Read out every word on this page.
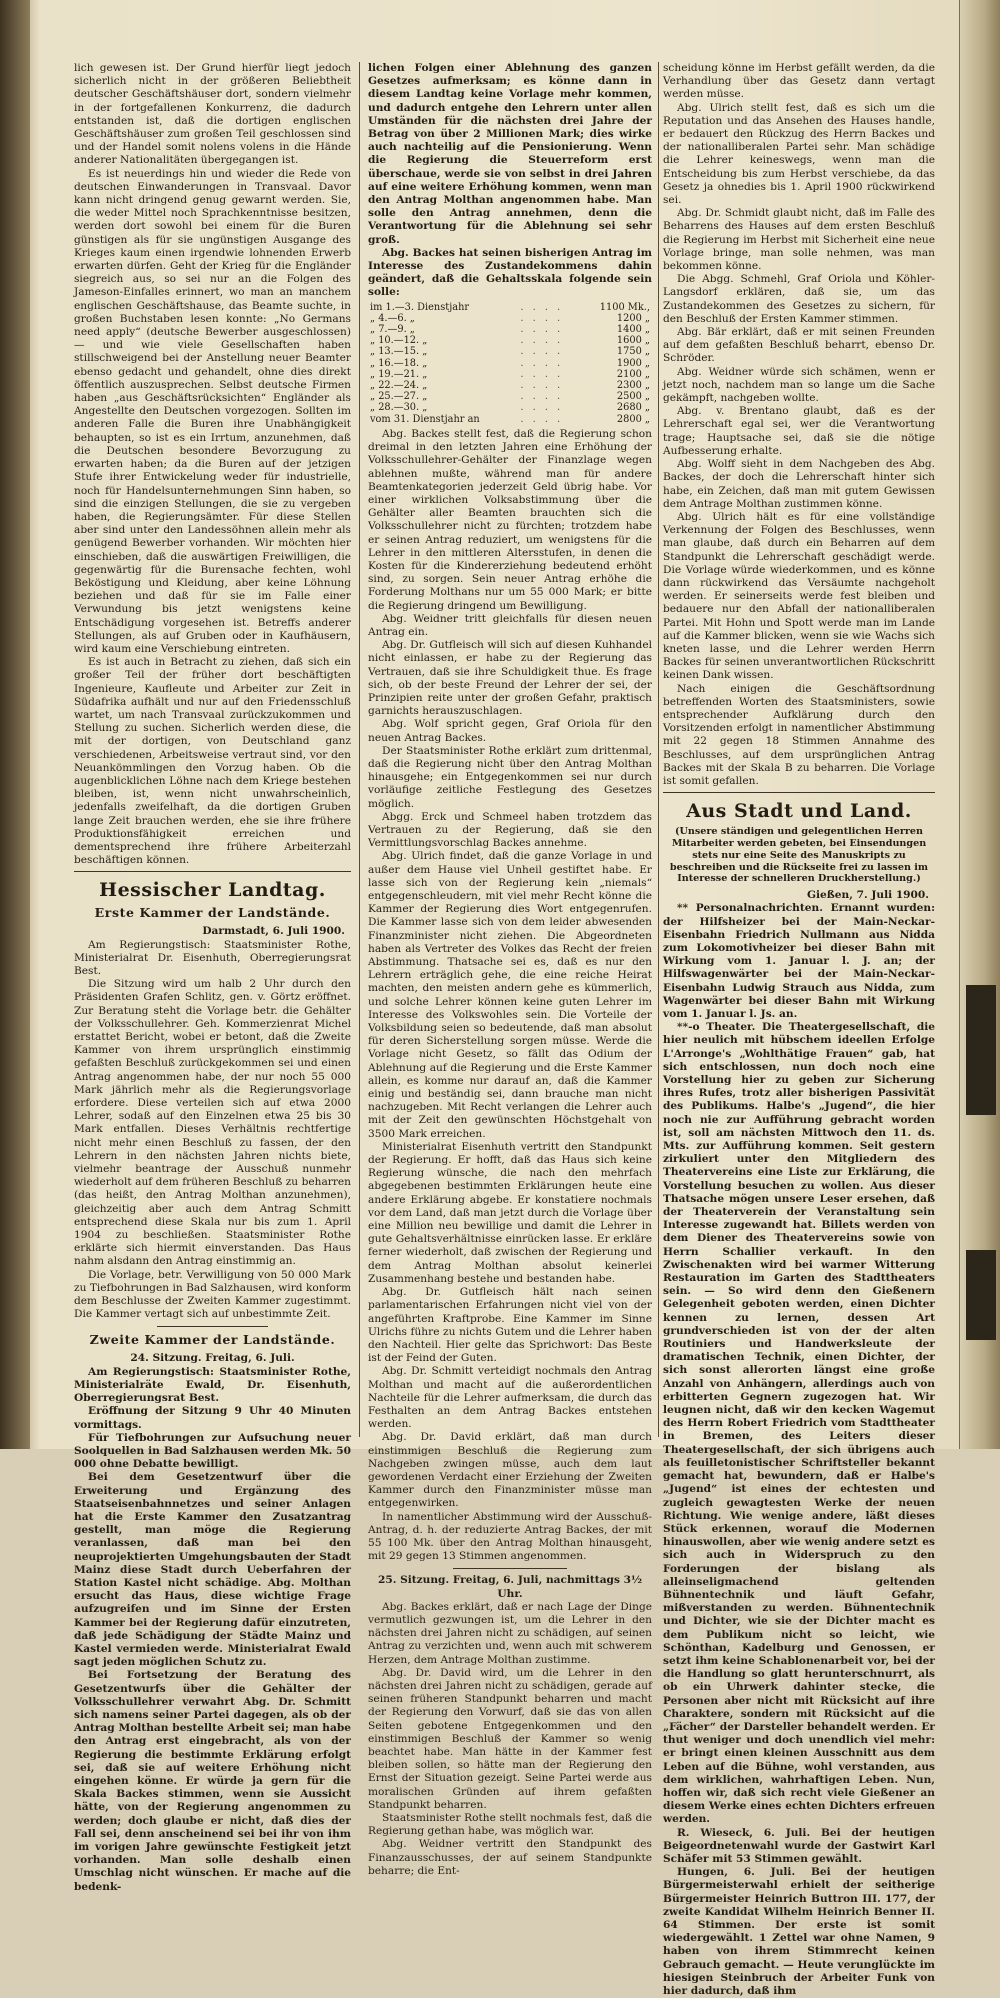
lich gewesen ist. Der Grund hierfür liegt jedoch sicherlich nicht in der größeren Beliebtheit deutscher Geschäftshäuser dort, sondern vielmehr in der fortgefallenen Konkurrenz, die dadurch entstanden ist, daß die dortigen englischen Geschäftshäuser zum großen Teil geschlossen sind und der Handel somit nolens volens in die Hände anderer Nationalitäten übergegangen ist.

Es ist neuerdings hin und wieder die Rede von deutschen Einwanderungen in Transvaal. Davor kann nicht dringend genug gewarnt werden. Sie, die weder Mittel noch Sprachkenntnisse besitzen, werden dort sowohl bei einem für die Buren günstigen als für sie ungünstigen Ausgange des Krieges kaum einen irgendwie lohnenden Erwerb erwarten dürfen. Geht der Krieg für die Engländer siegreich aus, so sei nur an die Folgen des Jameson-Einfalles erinnert, wo man an manchem englischen Geschäftshause, das Beamte suchte, in großen Buchstaben lesen konnte: „No Germans need apply“ (deutsche Bewerber ausgeschlossen) — und wie viele Gesellschaften haben stillschweigend bei der Anstellung neuer Beamter ebenso gedacht und gehandelt, ohne dies direkt öffentlich auszusprechen. Selbst deutsche Firmen haben „aus Geschäftsrücksichten“ Engländer als Angestellte den Deutschen vorgezogen. Sollten im anderen Falle die Buren ihre Unabhängigkeit behaupten, so ist es ein Irrtum, anzunehmen, daß die Deutschen besondere Bevorzugung zu erwarten haben; da die Buren auf der jetzigen Stufe ihrer Entwickelung weder für industrielle, noch für Handelsunternehmungen Sinn haben, so sind die einzigen Stellungen, die sie zu vergeben haben, die Regierungsämter. Für diese Stellen aber sind unter den Landessöhnen allein mehr als genügend Bewerber vorhanden. Wir möchten hier einschieben, daß die auswärtigen Freiwilligen, die gegenwärtig für die Burensache fechten, wohl Beköstigung und Kleidung, aber keine Löhnung beziehen und daß für sie im Falle einer Verwundung bis jetzt wenigstens keine Entschädigung vorgesehen ist. Betreffs anderer Stellungen, als auf Gruben oder in Kaufhäusern, wird kaum eine Verschiebung eintreten.

Es ist auch in Betracht zu ziehen, daß sich ein großer Teil der früher dort beschäftigten Ingenieure, Kaufleute und Arbeiter zur Zeit in Südafrika aufhält und nur auf den Friedensschluß wartet, um nach Transvaal zurückzukommen und Stellung zu suchen. Sicherlich werden diese, die mit der dortigen, von Deutschland ganz verschiedenen, Arbeitsweise vertraut sind, vor den Neuankömmlingen den Vorzug haben. Ob die augenblicklichen Löhne nach dem Kriege bestehen bleiben, ist, wenn nicht unwahrscheinlich, jedenfalls zweifelhaft, da die dortigen Gruben lange Zeit brauchen werden, ehe sie ihre frühere Produktionsfähigkeit erreichen und dementsprechend ihre frühere Arbeiterzahl beschäftigen können.

Hessischer Landtag.
Erste Kammer der Landstände.

Darmstadt, 6. Juli 1900.

Am Regierungstisch: Staatsminister Rothe, Ministerialrat Dr. Eisenhuth, Oberregierungsrat Best.

Die Sitzung wird um halb 2 Uhr durch den Präsidenten Grafen Schlitz, gen. v. Görtz eröffnet. Zur Beratung steht die Vorlage betr. die Gehälter der Volksschullehrer. Geh. Kommerzienrat Michel erstattet Bericht, wobei er betont, daß die Zweite Kammer von ihrem ursprünglich einstimmig gefaßten Beschluß zurückgekommen sei und einen Antrag angenommen habe, der nur noch 55 000 Mark jährlich mehr als die Regierungsvorlage erfordere. Diese verteilen sich auf etwa 2000 Lehrer, sodaß auf den Einzelnen etwa 25 bis 30 Mark entfallen. Dieses Verhältnis rechtfertige nicht mehr einen Beschluß zu fassen, der den Lehrern in den nächsten Jahren nichts biete, vielmehr beantrage der Ausschuß nunmehr wiederholt auf dem früheren Beschluß zu beharren (das heißt, den Antrag Molthan anzunehmen), gleichzeitig aber auch dem Antrag Schmitt entsprechend diese Skala nur bis zum 1. April 1904 zu beschließen. Staatsminister Rothe erklärte sich hiermit einverstanden. Das Haus nahm alsdann den Antrag einstimmig an.

Die Vorlage, betr. Verwilligung von 50 000 Mark zu Tiefbohrungen in Bad Salzhausen, wird konform dem Beschlusse der Zweiten Kammer zugestimmt. Die Kammer vertagt sich auf unbestimmte Zeit.

Zweite Kammer der Landstände.

24. Sitzung. Freitag, 6. Juli.

Am Regierungstisch: Staatsminister Rothe, Ministerialräte Ewald, Dr. Eisenhuth, Oberregierungsrat Best.

Eröffnung der Sitzung 9 Uhr 40 Minuten vormittags.

Für Tiefbohrungen zur Aufsuchung neuer Soolquellen in Bad Salzhausen werden Mk. 50 000 ohne Debatte bewilligt.

Bei dem Gesetzentwurf über die Erweiterung und Ergänzung des Staatseisenbahnnetzes und seiner Anlagen hat die Erste Kammer den Zusatzantrag gestellt, man möge die Regierung veranlassen, daß man bei den neuprojektierten Umgehungsbauten der Stadt Mainz diese Stadt durch Ueberfahren der Station Kastel nicht schädige. Abg. Molthan ersucht das Haus, diese wichtige Frage aufzugreifen und im Sinne der Ersten Kammer bei der Regierung dafür einzutreten, daß jede Schädigung der Städte Mainz und Kastel vermieden werde. Ministerialrat Ewald sagt jeden möglichen Schutz zu.

Bei Fortsetzung der Beratung des Gesetzentwurfs über die Gehälter der Volksschullehrer verwahrt Abg. Dr. Schmitt sich namens seiner Partei dagegen, als ob der Antrag Molthan bestellte Arbeit sei; man habe den Antrag erst eingebracht, als von der Regierung die bestimmte Erklärung erfolgt sei, daß sie auf weitere Erhöhung nicht eingehen könne. Er würde ja gern für die Skala Backes stimmen, wenn sie Aussicht hätte, von der Regierung angenommen zu werden; doch glaube er nicht, daß dies der Fall sei, denn anscheinend sei bei ihr von ihm im vorigen Jahre gewünschte Festigkeit jetzt vorhanden. Man solle deshalb einen Umschlag nicht wünschen. Er mache auf die bedenk-

lichen Folgen einer Ablehnung des ganzen Gesetzes aufmerksam; es könne dann in diesem Landtag keine Vorlage mehr kommen, und dadurch entgehe den Lehrern unter allen Umständen für die nächsten drei Jahre der Betrag von über 2 Millionen Mark; dies wirke auch nachteilig auf die Pensionierung. Wenn die Regierung die Steuerreform erst überschaue, werde sie von selbst in drei Jahren auf eine weitere Erhöhung kommen, wenn man den Antrag Molthan angenommen habe. Man solle den Antrag annehmen, denn die Verantwortung für die Ablehnung sei sehr groß.

Abg. Backes hat seinen bisherigen Antrag im Interesse des Zustandekommens dahin geändert, daß die Gehaltsskala folgende sein solle:

im 1.—3. Dienstjahr	. . . .	1100 Mk.,
„ 4.—6. „	. . . .	1200 „
„ 7.—9. „	. . . .	1400 „
„ 10.—12. „	. . . .	1600 „
„ 13.—15. „	. . . .	1750 „
„ 16.—18. „	. . . .	1900 „
„ 19.—21. „	. . . .	2100 „
„ 22.—24. „	. . . .	2300 „
„ 25.—27. „	. . . .	2500 „
„ 28.—30. „	. . . .	2680 „
vom 31. Dienstjahr an	. . . .	2800 „

Abg. Backes stellt fest, daß die Regierung schon dreimal in den letzten Jahren eine Erhöhung der Volksschullehrer-Gehälter der Finanzlage wegen ablehnen mußte, während man für andere Beamtenkategorien jederzeit Geld übrig habe. Vor einer wirklichen Volksabstimmung über die Gehälter aller Beamten brauchten sich die Volksschullehrer nicht zu fürchten; trotzdem habe er seinen Antrag reduziert, um wenigstens für die Lehrer in den mittleren Altersstufen, in denen die Kosten für die Kindererziehung bedeutend erhöht sind, zu sorgen. Sein neuer Antrag erhöhe die Forderung Molthans nur um 55 000 Mark; er bitte die Regierung dringend um Bewilligung.

Abg. Weidner tritt gleichfalls für diesen neuen Antrag ein.

Abg. Dr. Gutfleisch will sich auf diesen Kuhhandel nicht einlassen, er habe zu der Regierung das Vertrauen, daß sie ihre Schuldigkeit thue. Es frage sich, ob der beste Freund der Lehrer der sei, der Prinzipien reite unter der großen Gefahr, praktisch garnichts herauszuschlagen.

Abg. Wolf spricht gegen, Graf Oriola für den neuen Antrag Backes.

Der Staatsminister Rothe erklärt zum drittenmal, daß die Regierung nicht über den Antrag Molthan hinausgehe; ein Entgegenkommen sei nur durch vorläufige zeitliche Festlegung des Gesetzes möglich.

Abgg. Erck und Schmeel haben trotzdem das Vertrauen zu der Regierung, daß sie den Vermittlungsvorschlag Backes annehme.

Abg. Ulrich findet, daß die ganze Vorlage in und außer dem Hause viel Unheil gestiftet habe. Er lasse sich von der Regierung kein „niemals“ entgegenschleudern, mit viel mehr Recht könne die Kammer der Regierung dies Wort entgegenrufen. Die Kammer lasse sich von dem leider abwesenden Finanzminister nicht ziehen. Die Abgeordneten haben als Vertreter des Volkes das Recht der freien Abstimmung. Thatsache sei es, daß es nur den Lehrern erträglich gehe, die eine reiche Heirat machten, den meisten andern gehe es kümmerlich, und solche Lehrer können keine guten Lehrer im Interesse des Volkswohles sein. Die Vorteile der Volksbildung seien so bedeutende, daß man absolut für deren Sicherstellung sorgen müsse. Werde die Vorlage nicht Gesetz, so fällt das Odium der Ablehnung auf die Regierung und die Erste Kammer allein, es komme nur darauf an, daß die Kammer einig und beständig sei, dann brauche man nicht nachzugeben. Mit Recht verlangen die Lehrer auch mit der Zeit den gewünschten Höchstgehalt von 3500 Mark erreichen.

Ministerialrat Eisenhuth vertritt den Standpunkt der Regierung. Er hofft, daß das Haus sich keine Regierung wünsche, die nach den mehrfach abgegebenen bestimmten Erklärungen heute eine andere Erklärung abgebe. Er konstatiere nochmals vor dem Land, daß man jetzt durch die Vorlage über eine Million neu bewillige und damit die Lehrer in gute Gehaltsverhältnisse einrücken lasse. Er erkläre ferner wiederholt, daß zwischen der Regierung und dem Antrag Molthan absolut keinerlei Zusammenhang bestehe und bestanden habe.

Abg. Dr. Gutfleisch hält nach seinen parlamentarischen Erfahrungen nicht viel von der angeführten Kraftprobe. Eine Kammer im Sinne Ulrichs führe zu nichts Gutem und die Lehrer haben den Nachteil. Hier gelte das Sprichwort: Das Beste ist der Feind der Guten.

Abg. Dr. Schmitt verteidigt nochmals den Antrag Molthan und macht auf die außerordentlichen Nachteile für die Lehrer aufmerksam, die durch das Festhalten an dem Antrag Backes entstehen werden.

Abg. Dr. David erklärt, daß man durch einstimmigen Beschluß die Regierung zum Nachgeben zwingen müsse, auch dem laut gewordenen Verdacht einer Erziehung der Zweiten Kammer durch den Finanzminister müsse man entgegenwirken.

In namentlicher Abstimmung wird der Ausschuß-Antrag, d. h. der reduzierte Antrag Backes, der mit 55 100 Mk. über den Antrag Molthan hinausgeht, mit 29 gegen 13 Stimmen angenommen.

25. Sitzung. Freitag, 6. Juli, nachmittags 3½ Uhr.

Abg. Backes erklärt, daß er nach Lage der Dinge vermutlich gezwungen ist, um die Lehrer in den nächsten drei Jahren nicht zu schädigen, auf seinen Antrag zu verzichten und, wenn auch mit schwerem Herzen, dem Antrage Molthan zustimme.

Abg. Dr. David wird, um die Lehrer in den nächsten drei Jahren nicht zu schädigen, gerade auf seinen früheren Standpunkt beharren und macht der Regierung den Vorwurf, daß sie das von allen Seiten gebotene Entgegenkommen und den einstimmigen Beschluß der Kammer so wenig beachtet habe. Man hätte in der Kammer fest bleiben sollen, so hätte man der Regierung den Ernst der Situation gezeigt. Seine Partei werde aus moralischen Gründen auf ihrem gefaßten Standpunkt beharren.

Staatsminister Rothe stellt nochmals fest, daß die Regierung gethan habe, was möglich war.

Abg. Weidner vertritt den Standpunkt des Finanzausschusses, der auf seinem Standpunkte beharre; die Ent-

scheidung könne im Herbst gefällt werden, da die Verhandlung über das Gesetz dann vertagt werden müsse.

Abg. Ulrich stellt fest, daß es sich um die Reputation und das Ansehen des Hauses handle, er bedauert den Rückzug des Herrn Backes und der nationalliberalen Partei sehr. Man schädige die Lehrer keineswegs, wenn man die Entscheidung bis zum Herbst verschiebe, da das Gesetz ja ohnedies bis 1. April 1900 rückwirkend sei.

Abg. Dr. Schmidt glaubt nicht, daß im Falle des Beharrens des Hauses auf dem ersten Beschluß die Regierung im Herbst mit Sicherheit eine neue Vorlage bringe, man solle nehmen, was man bekommen könne.

Die Abgg. Schmehl, Graf Oriola und Köhler-Langsdorf erklären, daß sie, um das Zustandekommen des Gesetzes zu sichern, für den Beschluß der Ersten Kammer stimmen.

Abg. Bär erklärt, daß er mit seinen Freunden auf dem gefaßten Beschluß beharrt, ebenso Dr. Schröder.

Abg. Weidner würde sich schämen, wenn er jetzt noch, nachdem man so lange um die Sache gekämpft, nachgeben wollte.

Abg. v. Brentano glaubt, daß es der Lehrerschaft egal sei, wer die Verantwortung trage; Hauptsache sei, daß sie die nötige Aufbesserung erhalte.

Abg. Wolff sieht in dem Nachgeben des Abg. Backes, der doch die Lehrerschaft hinter sich habe, ein Zeichen, daß man mit gutem Gewissen dem Antrage Molthan zustimmen könne.

Abg. Ulrich hält es für eine vollständige Verkennung der Folgen des Beschlusses, wenn man glaube, daß durch ein Beharren auf dem Standpunkt die Lehrerschaft geschädigt werde. Die Vorlage würde wiederkommen, und es könne dann rückwirkend das Versäumte nachgeholt werden. Er seinerseits werde fest bleiben und bedauere nur den Abfall der nationalliberalen Partei. Mit Hohn und Spott werde man im Lande auf die Kammer blicken, wenn sie wie Wachs sich kneten lasse, und die Lehrer werden Herrn Backes für seinen unverantwortlichen Rückschritt keinen Dank wissen.

Nach einigen die Geschäftsordnung betreffenden Worten des Staatsministers, sowie entsprechender Aufklärung durch den Vorsitzenden erfolgt in namentlicher Abstimmung mit 22 gegen 18 Stimmen Annahme des Beschlusses, auf dem ursprünglichen Antrag Backes mit der Skala B zu beharren. Die Vorlage ist somit gefallen.

Aus Stadt und Land.
(Unsere ständigen und gelegentlichen Herren Mitarbeiter werden gebeten, bei Einsendungen stets nur eine Seite des Manuskripts zu beschreiben und die Rückseite frei zu lassen im Interesse der schnelleren Druckherstellung.)

Gießen, 7. Juli 1900.

** Personalnachrichten. Ernannt wurden: der Hilfsheizer bei der Main-Neckar-Eisenbahn Friedrich Nullmann aus Nidda zum Lokomotivheizer bei dieser Bahn mit Wirkung vom 1. Januar l. J. an; der Hilfswagenwärter bei der Main-Neckar-Eisenbahn Ludwig Strauch aus Nidda, zum Wagenwärter bei dieser Bahn mit Wirkung vom 1. Januar l. Js. an.

**-o Theater. Die Theatergesellschaft, die hier neulich mit hübschem ideellen Erfolge L'Arronge's „Wohlthätige Frauen“ gab, hat sich entschlossen, nun doch noch eine Vorstellung hier zu geben zur Sicherung ihres Rufes, trotz aller bisherigen Passivität des Publikums. Halbe's „Jugend“, die hier noch nie zur Aufführung gebracht worden ist, soll am nächsten Mittwoch den 11. ds. Mts. zur Aufführung kommen. Seit gestern zirkuliert unter den Mitgliedern des Theatervereins eine Liste zur Erklärung, die Vorstellung besuchen zu wollen. Aus dieser Thatsache mögen unsere Leser ersehen, daß der Theaterverein der Veranstaltung sein Interesse zugewandt hat. Billets werden von dem Diener des Theatervereins sowie von Herrn Schallier verkauft. In den Zwischenakten wird bei warmer Witterung Restauration im Garten des Stadttheaters sein. — So wird denn den Gießenern Gelegenheit geboten werden, einen Dichter kennen zu lernen, dessen Art grundverschieden ist von der der alten Routiniers und Handwerksleute der dramatischen Technik, einen Dichter, der sich sonst allerorten längst eine große Anzahl von Anhängern, allerdings auch von erbitterten Gegnern zugezogen hat. Wir leugnen nicht, daß wir den kecken Wagemut des Herrn Robert Friedrich vom Stadttheater in Bremen, des Leiters dieser Theatergesellschaft, der sich übrigens auch als feuilletonistischer Schriftsteller bekannt gemacht hat, bewundern, daß er Halbe's „Jugend“ ist eines der echtesten und zugleich gewagtesten Werke der neuen Richtung. Wie wenige andere, läßt dieses Stück erkennen, worauf die Modernen hinauswollen, aber wie wenig andere setzt es sich auch in Widerspruch zu den Forderungen der bislang als alleinseligmachend geltenden Bühnentechnik und läuft Gefahr, mißverstanden zu werden. Bühnentechnik und Dichter, wie sie der Dichter macht es dem Publikum nicht so leicht, wie Schönthan, Kadelburg und Genossen, er setzt ihm keine Schablonenarbeit vor, bei der die Handlung so glatt herunterschnurrt, als ob ein Uhrwerk dahinter stecke, die Personen aber nicht mit Rücksicht auf ihre Charaktere, sondern mit Rücksicht auf die „Fächer“ der Darsteller behandelt werden. Er thut weniger und doch unendlich viel mehr: er bringt einen kleinen Ausschnitt aus dem Leben auf die Bühne, wohl verstanden, aus dem wirklichen, wahrhaftigen Leben. Nun, hoffen wir, daß sich recht viele Gießener an diesem Werke eines echten Dichters erfreuen werden.

R. Wieseck, 6. Juli. Bei der heutigen Beigeordnetenwahl wurde der Gastwirt Karl Schäfer mit 53 Stimmen gewählt.

Hungen, 6. Juli. Bei der heutigen Bürgermeisterwahl erhielt der seitherige Bürgermeister Heinrich Buttron III. 177, der zweite Kandidat Wilhelm Heinrich Benner II. 64 Stimmen. Der erste ist somit wiedergewählt. 1 Zettel war ohne Namen, 9 haben von ihrem Stimmrecht keinen Gebrauch gemacht. — Heute verunglückte im hiesigen Steinbruch der Arbeiter Funk von hier dadurch, daß ihm
